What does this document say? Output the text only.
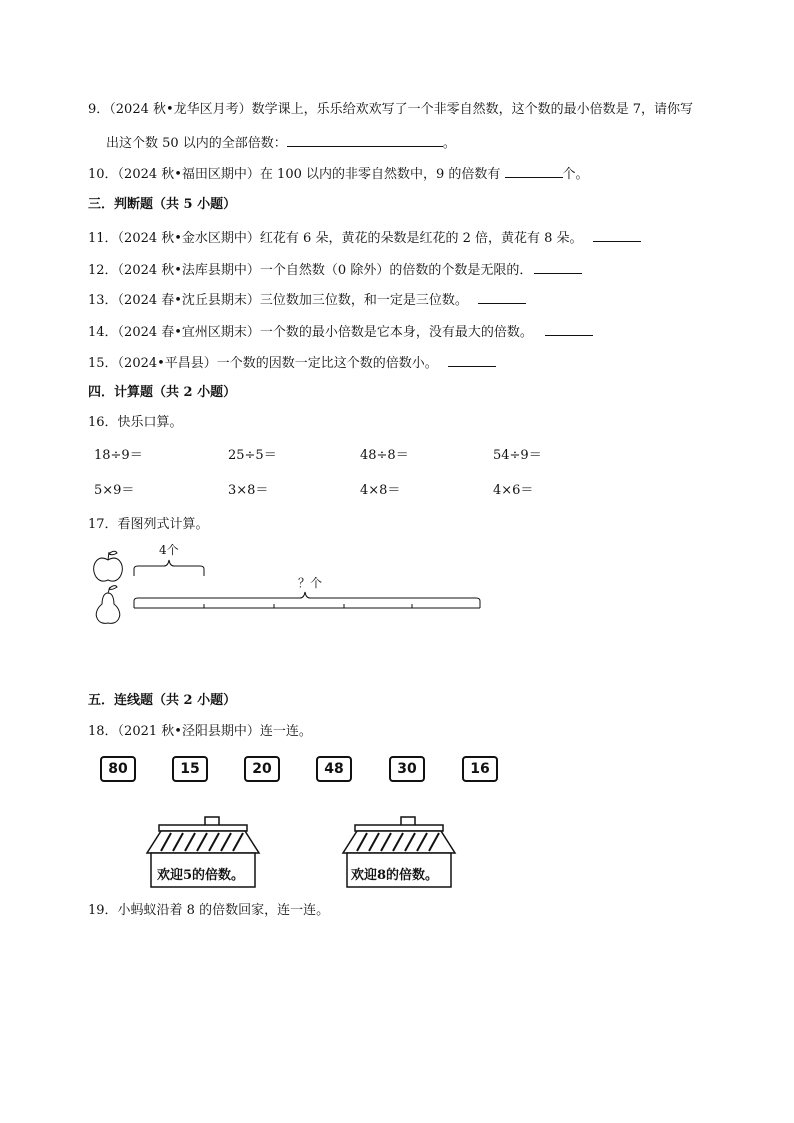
9．（2024 秋•龙华区月考）数学课上，乐乐给欢欢写了一个非零自然数，这个数的最小倍数是 7，请你写
出这个数 50 以内的全部倍数：	。
10．（2024 秋•福田区期中）在 100 以内的非零自然数中，9 的倍数有	个。
三．判断题（共 5 小题）
11．（2024 秋•金水区期中）红花有 6 朵，黄花的朵数是红花的 2 倍，黄花有 8 朵。
12．（2024 秋•法库县期中）一个自然数（0 除外）的倍数的个数是无限的．
13．（2024 春•沈丘县期末）三位数加三位数，和一定是三位数。
14．（2024 春•宜州区期末）一个数的最小倍数是它本身，没有最大的倍数。
15．（2024•平昌县）一个数的因数一定比这个数的倍数小。
四．计算题（共 2 小题）
16．快乐口算。
18÷9＝	25÷5＝	48÷8＝	54÷9＝
5×9＝	3×8＝	4×8＝	4×6＝
17．看图列式计算。
4个
？个
五．连线题（共 2 小题）
18．（2021 秋•泾阳县期中）连一连。
80	15	20	48	30	16
欢迎5的倍数。	欢迎8的倍数。
19．小蚂蚁沿着 8 的倍数回家，连一连。
